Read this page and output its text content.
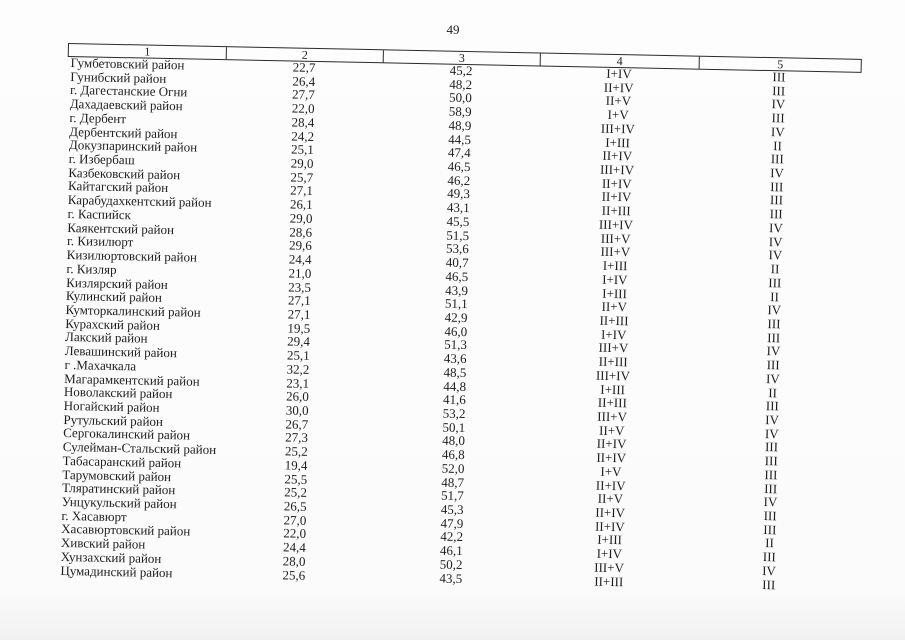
49
1	2	3	4	5
Гумбетовский район	22,7	45,2	I+IV	III
Гунибский район	26,4	48,2	II+IV	III
г. Дагестанские Огни	27,7	50,0	II+V	IV
Дахадаевский район	22,0	58,9	I+V	III
г. Дербент	28,4	48,9	III+IV	IV
Дербентский район	24,2	44,5	I+III	II
Докузпаринский район	25,1	47,4	II+IV	III
г. Избербаш	29,0	46,5	III+IV	IV
Казбековский район	25,7	46,2	II+IV	III
Кайтагский район	27,1	49,3	II+IV	III
Карабудахкентский район	26,1	43,1	II+III	III
г. Каспийск	29,0	45,5	III+IV	IV
Каякентский район	28,6	51,5	III+V	IV
г. Кизилюрт	29,6	53,6	III+V	IV
Кизилюртовский район	24,4	40,7	I+III	II
г. Кизляр	21,0	46,5	I+IV	III
Кизлярский район	23,5	43,9	I+III	II
Кулинский район	27,1	51,1	II+V	IV
Кумторкалинский район	27,1	42,9	II+III	III
Курахский район	19,5	46,0	I+IV	III
Лакский район	29,4	51,3	III+V	IV
Левашинский район	25,1	43,6	II+III	III
г .Махачкала	32,2	48,5	III+IV	IV
Магарамкентский район	23,1	44,8	I+III	II
Новолакский район	26,0	41,6	II+III	III
Ногайский район	30,0	53,2	III+V	IV
Рутульский район	26,7	50,1	II+V	IV
Сергокалинский район	27,3	48,0	II+IV	III
Сулейман-Стальский район	25,2	46,8	II+IV	III
Табасаранский район	19,4	52,0	I+V	III
Тарумовский район	25,5	48,7	II+IV	III
Тляратинский район	25,2	51,7	II+V	IV
Унцукульский район	26,5	45,3	II+IV	III
г. Хасавюрт	27,0	47,9	II+IV	III
Хасавюртовский район	22,0	42,2	I+III	II
Хивский район	24,4	46,1	I+IV	III
Хунзахский район	28,0	50,2	III+V	IV
Цумадинский район	25,6	43,5	II+III	III
